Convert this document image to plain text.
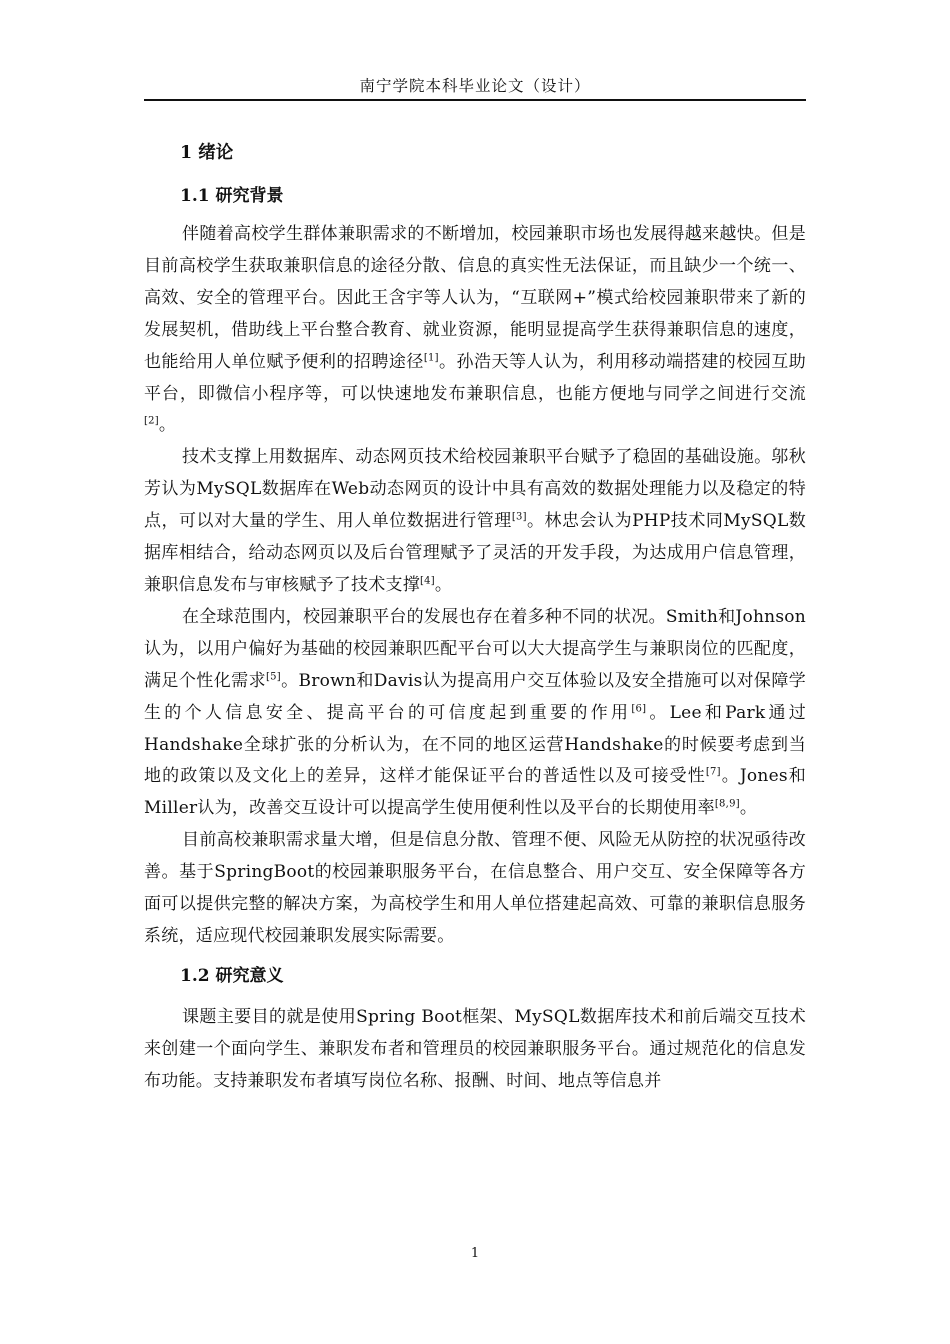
南宁学院本科毕业论文（设计）
1 绪论
1.1 研究背景

伴随着高校学生群体兼职需求的不断增加，校园兼职市场也发展得越来越快。但是目前高校学生获取兼职信息的途径分散、信息的真实性无法保证，而且缺少一个统一、高效、安全的管理平台。因此王含宇等人认为，“互联网+”模式给校园兼职带来了新的发展契机，借助线上平台整合教育、就业资源，能明显提高学生获得兼职信息的速度，也能给用人单位赋予便利的招聘途径[1]。孙浩天等人认为，利用移动端搭建的校园互助平台，即微信小程序等，可以快速地发布兼职信息，也能方便地与同学之间进行交流[2]。

技术支撑上用数据库、动态网页技术给校园兼职平台赋予了稳固的基础设施。邬秋芳认为MySQL数据库在Web动态网页的设计中具有高效的数据处理能力以及稳定的特点，可以对大量的学生、用人单位数据进行管理[3]。林忠会认为PHP技术同MySQL数据库相结合，给动态网页以及后台管理赋予了灵活的开发手段，为达成用户信息管理，兼职信息发布与审核赋予了技术支撑[4]。

在全球范围内，校园兼职平台的发展也存在着多种不同的状况。Smith和Johnson认为，以用户偏好为基础的校园兼职匹配平台可以大大提高学生与兼职岗位的匹配度，满足个性化需求[5]。Brown和Davis认为提高用户交互体验以及安全措施可以对保障学生的个人信息安全、提高平台的可信度起到重要的作用[6]。Lee和Park通过Handshake全球扩张的分析认为，在不同的地区运营Handshake的时候要考虑到当地的政策以及文化上的差异，这样才能保证平台的普适性以及可接受性[7]。Jones和Miller认为，改善交互设计可以提高学生使用便利性以及平台的长期使用率[8,9]。

目前高校兼职需求量大增，但是信息分散、管理不便、风险无从防控的状况亟待改善。基于SpringBoot的校园兼职服务平台，在信息整合、用户交互、安全保障等各方面可以提供完整的解决方案，为高校学生和用人单位搭建起高效、可靠的兼职信息服务系统，适应现代校园兼职发展实际需要。

1.2 研究意义

课题主要目的就是使用Spring Boot框架、MySQL数据库技术和前后端交互技术来创建一个面向学生、兼职发布者和管理员的校园兼职服务平台。通过规范化的信息发布功能。支持兼职发布者填写岗位名称、报酬、时间、地点等信息并

1
